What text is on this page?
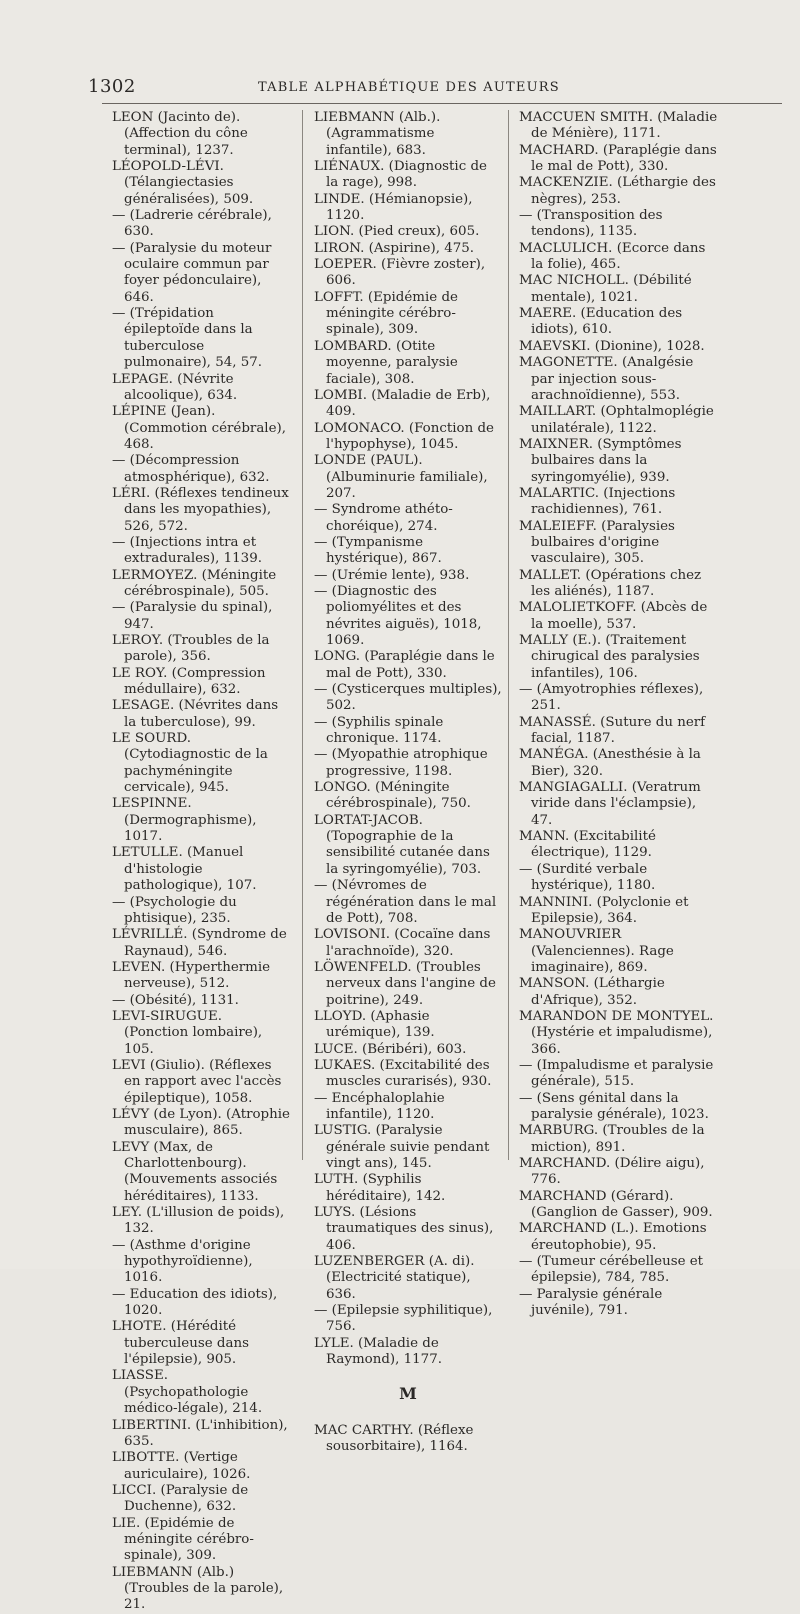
1302	TABLE ALPHABÉTIQUE DES AUTEURS
LEON (Jacinto de). (Affection du cône terminal), 1237.
LÉOPOLD-LÉVI. (Télangiectasies généralisées), 509.
— (Ladrerie cérébrale), 630.
— (Paralysie du moteur oculaire commun par foyer pédonculaire), 646.
— (Trépidation épileptoïde dans la tuberculose pulmonaire), 54, 57.
LEPAGE. (Névrite alcoolique), 634.
LÉPINE (Jean). (Commotion cérébrale), 468.
— (Décompression atmosphérique), 632.
LÉRI. (Réflexes tendineux dans les myopathies), 526, 572.
— (Injections intra et extradurales), 1139.
LERMOYEZ. (Méningite cérébrospinale), 505.
— (Paralysie du spinal), 947.
LEROY. (Troubles de la parole), 356.
LE ROY. (Compression médullaire), 632.
LESAGE. (Névrites dans la tuberculose), 99.
LE SOURD. (Cytodiagnostic de la pachyméningite cervicale), 945.
LESPINNE. (Dermographisme), 1017.
LETULLE. (Manuel d'histologie pathologique), 107.
— (Psychologie du phtisique), 235.
LÉVRILLÉ. (Syndrome de Raynaud), 546.
LEVEN. (Hyperthermie nerveuse), 512.
— (Obésité), 1131.
LEVI-SIRUGUE. (Ponction lombaire), 105.
LEVI (Giulio). (Réflexes en rapport avec l'accès épileptique), 1058.
LÉVY (de Lyon). (Atrophie musculaire), 865.
LEVY (Max, de Charlottenbourg). (Mouvements associés héréditaires), 1133.
LEY. (L'illusion de poids), 132.
— (Asthme d'origine hypothyroïdienne), 1016.
— Education des idiots), 1020.
LHOTE. (Hérédité tuberculeuse dans l'épilepsie), 905.
LIASSE. (Psychopathologie médico-légale), 214.
LIBERTINI. (L'inhibition), 635.
LIBOTTE. (Vertige auriculaire), 1026.
LICCI. (Paralysie de Duchenne), 632.
LIE. (Epidémie de méningite cérébro-spinale), 309.
LIEBMANN (Alb.) (Troubles de la parole), 21.
LIEBMANN (Alb.). (Agrammatisme infantile), 683.
LIÉNAUX. (Diagnostic de la rage), 998.
LINDE. (Hémianopsie), 1120.
LION. (Pied creux), 605.
LIRON. (Aspirine), 475.
LOEPER. (Fièvre zoster), 606.
LOFFT. (Epidémie de méningite cérébro-spinale), 309.
LOMBARD. (Otite moyenne, paralysie faciale), 308.
LOMBI. (Maladie de Erb), 409.
LOMONACO. (Fonction de l'hypophyse), 1045.
LONDE (PAUL). (Albuminurie familiale), 207.
— Syndrome athéto-choréique), 274.
— (Tympanisme hystérique), 867.
— (Urémie lente), 938.
— (Diagnostic des poliomyélites et des névrites aiguës), 1018, 1069.
LONG. (Paraplégie dans le mal de Pott), 330.
— (Cysticerques multiples), 502.
— (Syphilis spinale chronique. 1174.
— (Myopathie atrophique progressive, 1198.
LONGO. (Méningite cérébrospinale), 750.
LORTAT-JACOB. (Topographie de la sensibilité cutanée dans la syringomyélie), 703.
— (Névromes de régénération dans le mal de Pott), 708.
LOVISONI. (Cocaïne dans l'arachnoïde), 320.
LÖWENFELD. (Troubles nerveux dans l'angine de poitrine), 249.
LLOYD. (Aphasie urémique), 139.
LUCE. (Béribéri), 603.
LUKAES. (Excitabilité des muscles curarisés), 930.
— Encéphaloplahie infantile), 1120.
LUSTIG. (Paralysie générale suivie pendant vingt ans), 145.
LUTH. (Syphilis héréditaire), 142.
LUYS. (Lésions traumatiques des sinus), 406.
LUZENBERGER (A. di). (Electricité statique), 636.
— (Epilepsie syphilitique), 756.
LYLE. (Maladie de Raymond), 1177.
M
MAC CARTHY. (Réflexe sousorbitaire), 1164.
MACCUEN SMITH. (Maladie de Ménière), 1171.
MACHARD. (Paraplégie dans le mal de Pott), 330.
MACKENZIE. (Léthargie des nègres), 253.
— (Transposition des tendons), 1135.
MACLULICH. (Ecorce dans la folie), 465.
MAC NICHOLL. (Débilité mentale), 1021.
MAERE. (Education des idiots), 610.
MAEVSKI. (Dionine), 1028.
MAGONETTE. (Analgésie par injection sous-arachnoïdienne), 553.
MAILLART. (Ophtalmoplégie unilatérale), 1122.
MAIXNER. (Symptômes bulbaires dans la syringomyélie), 939.
MALARTIC. (Injections rachidiennes), 761.
MALEIEFF. (Paralysies bulbaires d'origine vasculaire), 305.
MALLET. (Opérations chez les aliénés), 1187.
MALOLIETKOFF. (Abcès de la moelle), 537.
MALLY (E.). (Traitement chirugical des paralysies infantiles), 106.
— (Amyotrophies réflexes), 251.
MANASSÉ. (Suture du nerf facial, 1187.
MANÉGA. (Anesthésie à la Bier), 320.
MANGIAGALLI. (Veratrum viride dans l'éclampsie), 47.
MANN. (Excitabilité électrique), 1129.
— (Surdité verbale hystérique), 1180.
MANNINI. (Polyclonie et Epilepsie), 364.
MANOUVRIER (Valenciennes). Rage imaginaire), 869.
MANSON. (Léthargie d'Afrique), 352.
MARANDON DE MONTYEL. (Hystérie et impaludisme), 366.
— (Impaludisme et paralysie générale), 515.
— (Sens génital dans la paralysie générale), 1023.
MARBURG. (Troubles de la miction), 891.
MARCHAND. (Délire aigu), 776.
MARCHAND (Gérard). (Ganglion de Gasser), 909.
MARCHAND (L.). Emotions éreutophobie), 95.
— (Tumeur cérébelleuse et épilepsie), 784, 785.
— Paralysie générale juvénile), 791.
